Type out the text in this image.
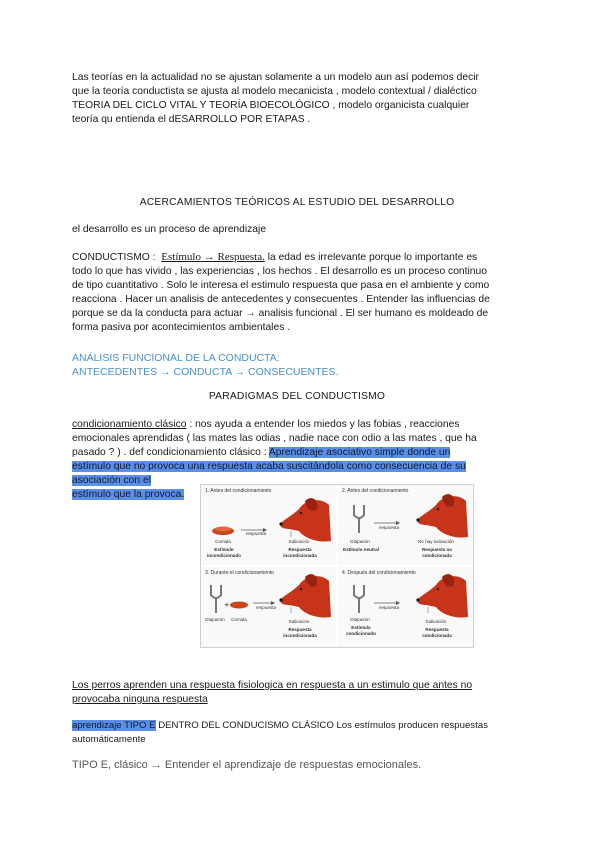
Las teorías en la actualidad no se ajustan solamente a un modelo aun así podemos decir
que la teoría conductista se ajusta al modelo mecanicista , modelo contextual / dialéctico
TEORIA DEL CICLO VITAL Y TEORÍA BIOECOLÓGICO , modelo organicista cualquier
teoría qu entienda el dESARROLLO POR ETAPAS .
ACERCAMIENTOS TEÓRICOS AL ESTUDIO DEL DESARROLLO
el desarrollo es un proceso de aprendizaje
CONDUCTISMO : Estímulo → Respuesta. la edad es irrelevante porque lo importante es
todo lo que has vivido , las experiencias , los hechos . El desarrollo es un proceso continuo
de tipo cuantitativo . Solo le interesa el estimulo respuesta que pasa en el ambiente y como
reacciona . Hacer un analisis de antecedentes y consecuentes . Entender las influencias de
porque se da la conducta para actuar → analisis funcional . El ser humano es moldeado de
forma pasiva por acontecimientos ambientales .
ANÁLISIS FUNCIONAL DE LA CONDUCTA:
ANTECEDENTES → CONDUCTA → CONSECUENTES.
PARADIGMAS DEL CONDUCTISMO
condicionamiento clásico : nos ayuda a entender los miedos y las fobias , reacciones
emocionales aprendidas ( las mates las odias , nadie nace con odio a las mates , que ha
pasado ? ) . def condicionamiento clásico : Aprendizaje asociativo simple donde un
estímulo que no provoca una respuesta acaba suscitándola como consecuencia de su
asociación con el
estímulo que la provoca.	1. Antes del condicionamiento
Comida
respuesta
Salivación
Estímulo incondicionado
Respuesta incondicionada
2. Antes del condicionamiento
Diapasón
respuesta
No hay salivación
Estímulo neutral	Respuesta no condicionada
3. Durante el condicionamiento
+
Diapasón	Comida
respuesta
Salivación
Respuesta incondicionada
4. Después del condicionamiento
Diapasón
respuesta
Salivación
Estímulo condicionado
Respuesta condicionada
Los perros aprenden una respuesta fisiologica en respuesta a un estimulo que antes no
provocaba ninguna respuesta
aprendizaje TIPO E DENTRO DEL CONDUCISMO CLÁSICO Los estímulos producen respuestas
automáticamente
TIPO E, clásico → Entender el aprendizaje de respuestas emocionales.
